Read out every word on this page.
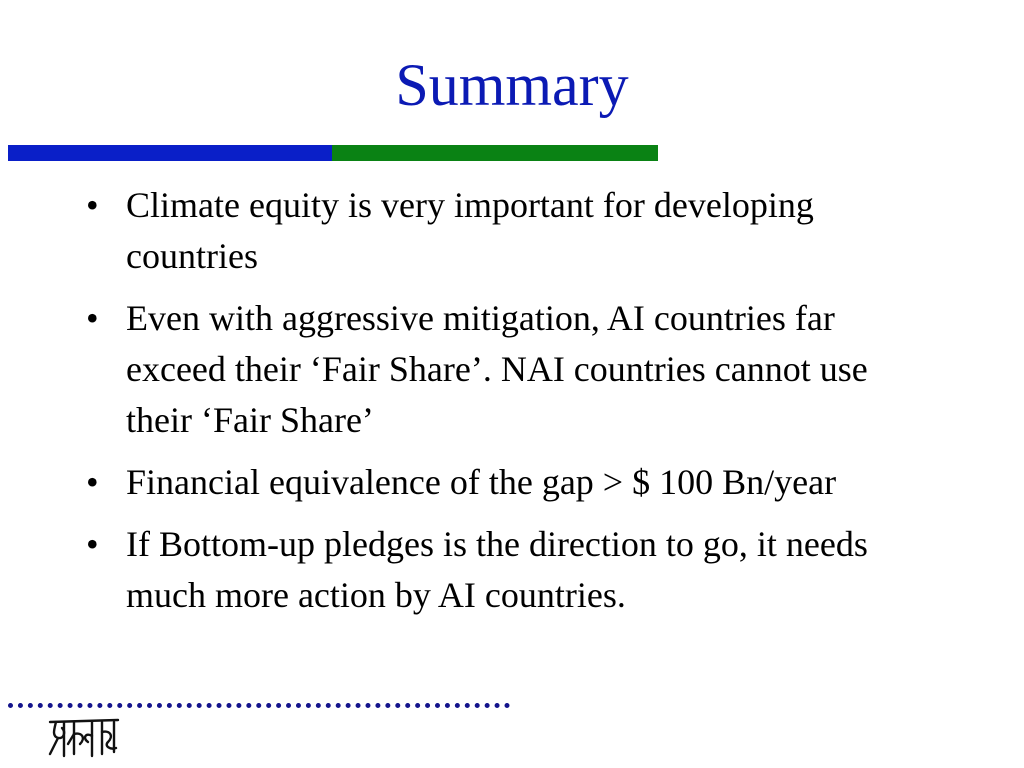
Summary
• Climate equity is very important for developing countries
• Even with aggressive mitigation, AI countries far exceed their ‘Fair Share’. NAI countries cannot use their ‘Fair Share’
• Financial equivalence of the gap > $ 100 Bn/year
• If Bottom-up pledges is the direction to go, it needs much more action by AI countries.
